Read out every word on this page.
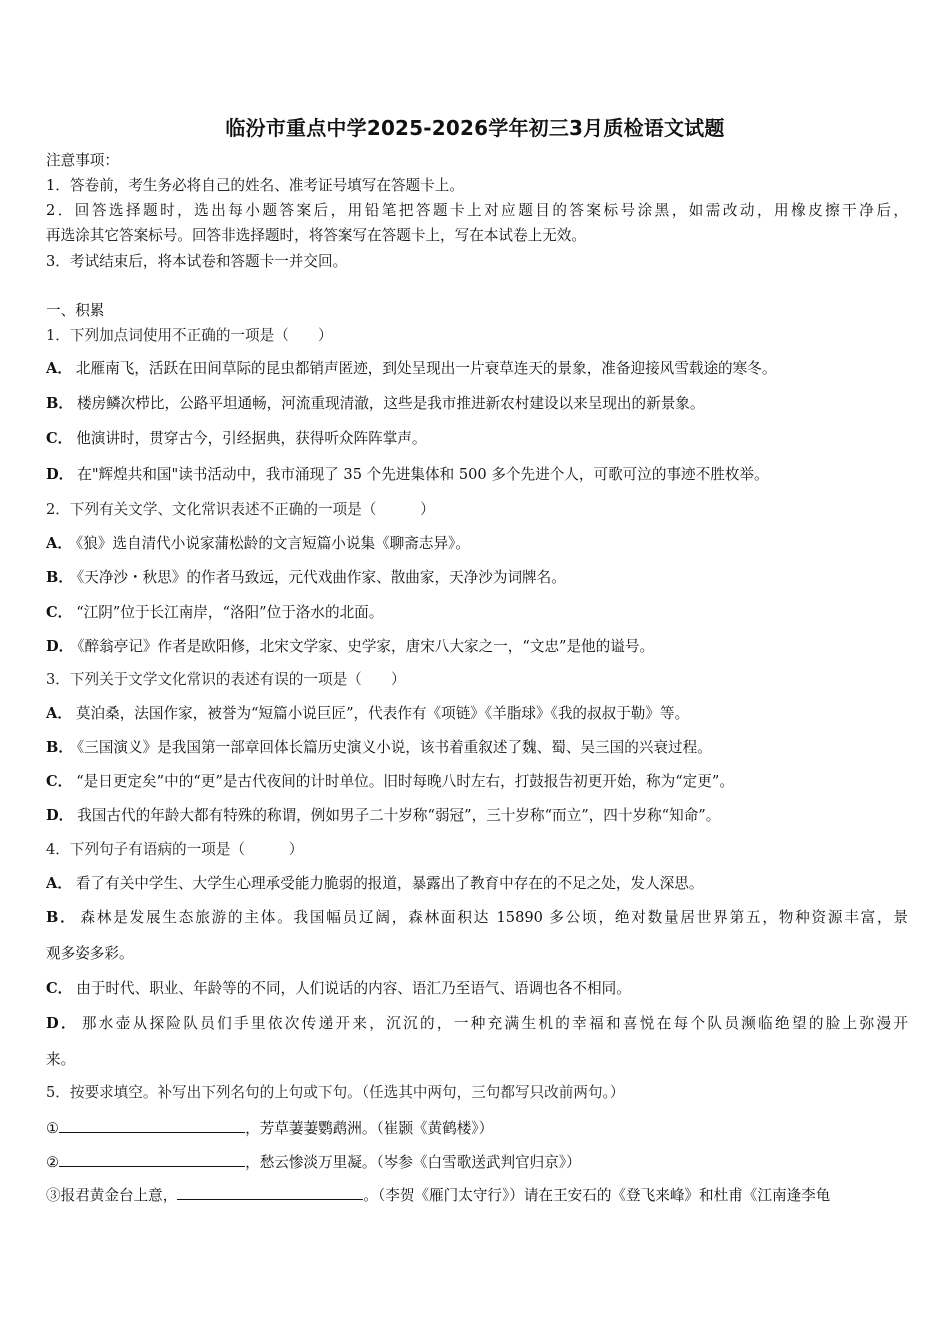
临汾市重点中学2025-2026学年初三3月质检语文试题
注意事项：
1．答卷前，考生务必将自己的姓名、准考证号填写在答题卡上。
2．回答选择题时，选出每小题答案后，用铅笔把答题卡上对应题目的答案标号涂黑，如需改动，用橡皮擦干净后，
再选涂其它答案标号。回答非选择题时，将答案写在答题卡上，写在本试卷上无效。
3．考试结束后，将本试卷和答题卡一并交回。
一、积累
1．下列加点词使用不正确的一项是（　　）
A． 北雁南飞，活跃在田间草际的昆虫都销声匿迹，到处呈现出一片衰草连天的景象，准备迎接风雪载途的寒冬。
B． 楼房鳞次栉比，公路平坦通畅，河流重现清澈，这些是我市推进新农村建设以来呈现出的新景象。
C． 他演讲时，贯穿古今，引经据典，获得听众阵阵掌声。
D． 在"辉煌共和国"读书活动中，我市涌现了 35 个先进集体和 500 多个先进个人，可歌可泣的事迹不胜枚举。
2．下列有关文学、文化常识表述不正确的一项是（　　　）
A． 《狼》选自清代小说家蒲松龄的文言短篇小说集《聊斋志异》。
B． 《天净沙・秋思》的作者马致远，元代戏曲作家、散曲家，天净沙为词牌名。
C． “江阴”位于长江南岸，“洛阳”位于洛水的北面。
D． 《醉翁亭记》作者是欧阳修，北宋文学家、史学家，唐宋八大家之一，“文忠”是他的谥号。
3．下列关于文学文化常识的表述有误的一项是（　　）
A． 莫泊桑，法国作家，被誉为“短篇小说巨匠”，代表作有《项链》《羊脂球》《我的叔叔于勒》等。
B． 《三国演义》是我国第一部章回体长篇历史演义小说，该书着重叙述了魏、蜀、吴三国的兴衰过程。
C． “是日更定矣”中的“更”是古代夜间的计时单位。旧时每晚八时左右，打鼓报告初更开始，称为“定更”。
D． 我国古代的年龄大都有特殊的称谓，例如男子二十岁称“弱冠”，三十岁称“而立”，四十岁称“知命”。
4．下列句子有语病的一项是（　　　）
A． 看了有关中学生、大学生心理承受能力脆弱的报道，暴露出了教育中存在的不足之处，发人深思。
B． 森林是发展生态旅游的主体。我国幅员辽阔，森林面积达 15890 多公顷，绝对数量居世界第五，物种资源丰富，景
观多姿多彩。
C． 由于时代、职业、年龄等的不同，人们说话的内容、语汇乃至语气、语调也各不相同。
D． 那水壶从探险队员们手里依次传递开来，沉沉的，一种充满生机的幸福和喜悦在每个队员濒临绝望的脸上弥漫开
来。
5．按要求填空。补写出下列名句的上句或下句。（任选其中两句，三句都写只改前两句。）
①	，芳草萋萋鹦鹉洲。（崔颢《黄鹤楼》）
②	，愁云惨淡万里凝。（岑参《白雪歌送武判官归京》）
③报君黄金台上意，	。（李贺《雁门太守行》）请在王安石的《登飞来峰》和杜甫《江南逢李龟
